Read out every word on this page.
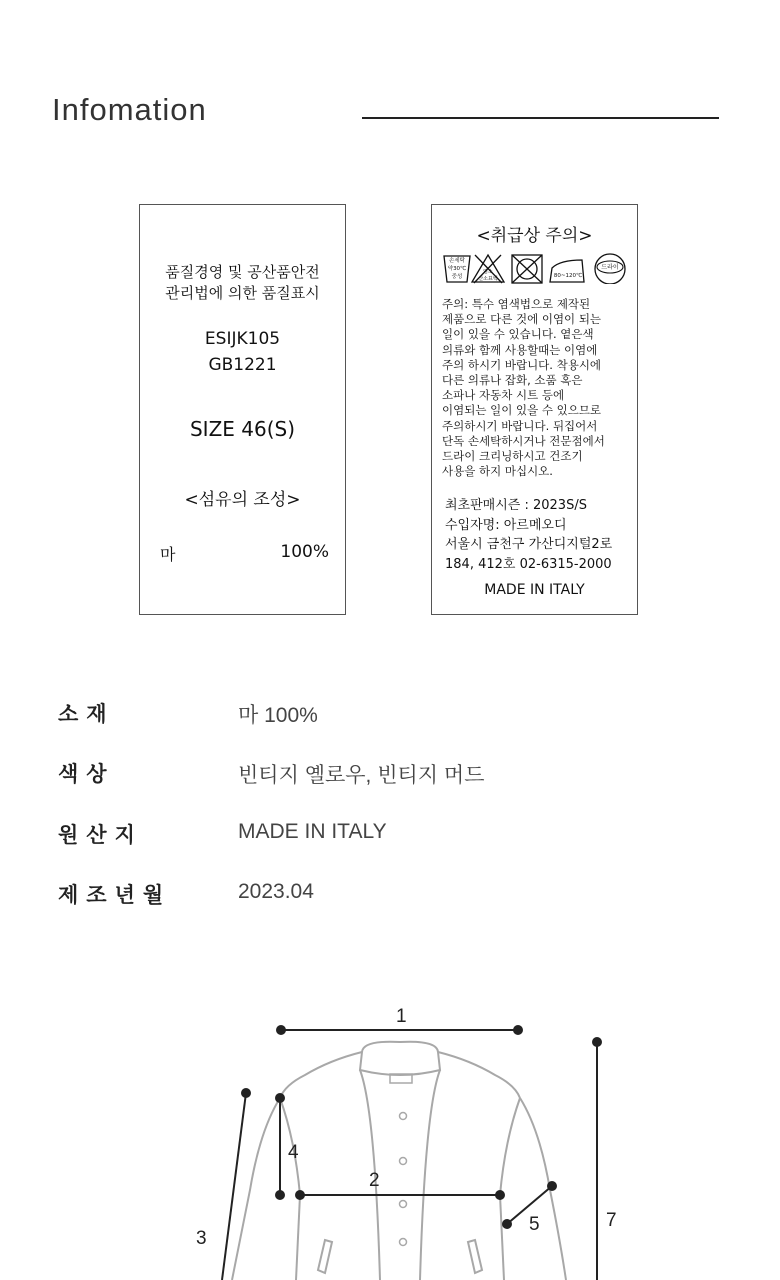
Infomation
품질경영 및 공산품안전
관리법에 의한 품질표시
ESIJK105
GB1221
SIZE 46(S)
<섬유의 조성>
마	100%
<취급상 주의>
손세탁
약30℃
중성
염소
산소표백	80~120℃
드라이
주의: 특수 염색법으로 제작된
제품으로 다른 것에 이염이 되는
일이 있을 수 있습니다. 옅은색
의류와 함께 사용할때는 이염에
주의 하시기 바랍니다. 착용시에
다른 의류나 잡화, 소품 혹은
소파나 자동차 시트 등에
이염되는 일이 있을 수 있으므로
주의하시기 바랍니다. 뒤집어서
단독 손세탁하시거나 전문점에서
드라이 크리닝하시고 건조기
사용을 하지 마십시오.
최초판매시즌 : 2023S/S
수입자명: 아르메오디
서울시 금천구 가산디지털2로
184, 412호 02-6315-2000
MADE IN ITALY
소재	마 100%
색상	빈티지 옐로우, 빈티지 머드
원산지	MADE IN ITALY
제조년월	2023.04
1
2
3
4
5	7
